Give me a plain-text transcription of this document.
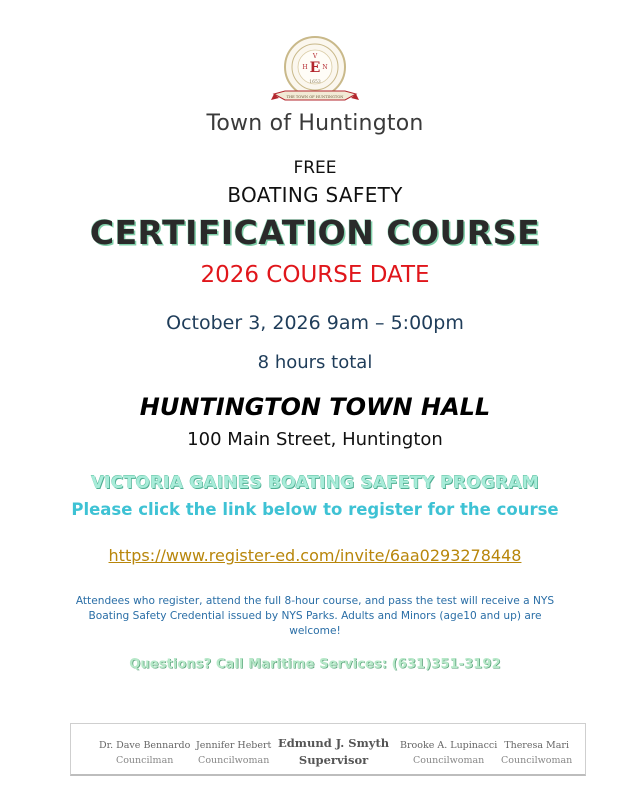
E
V
H N
1653
THE TOWN OF HUNTINGTON
Town of Huntington
FREE
BOATING SAFETY
CERTIFICATION COURSE
2026 COURSE DATE
October 3, 2026 9am – 5:00pm
8 hours total
HUNTINGTON TOWN HALL
100 Main Street, Huntington
VICTORIA GAINES BOATING SAFETY PROGRAM
Please click the link below to register for the course
https://www.register-ed.com/invite/6aa0293278448
Attendees who register, attend the full 8-hour course, and pass the test will receive a NYS Boating Safety Credential issued by NYS Parks. Adults and Minors (age10 and up) are welcome!
Questions? Call Maritime Services: (631)351-3192
Dr. Dave Bennardo
Councilman
Jennifer Hebert
Councilwoman
Edmund J. Smyth
Supervisor
Brooke A. Lupinacci
Councilwoman
Theresa Mari
Councilwoman
